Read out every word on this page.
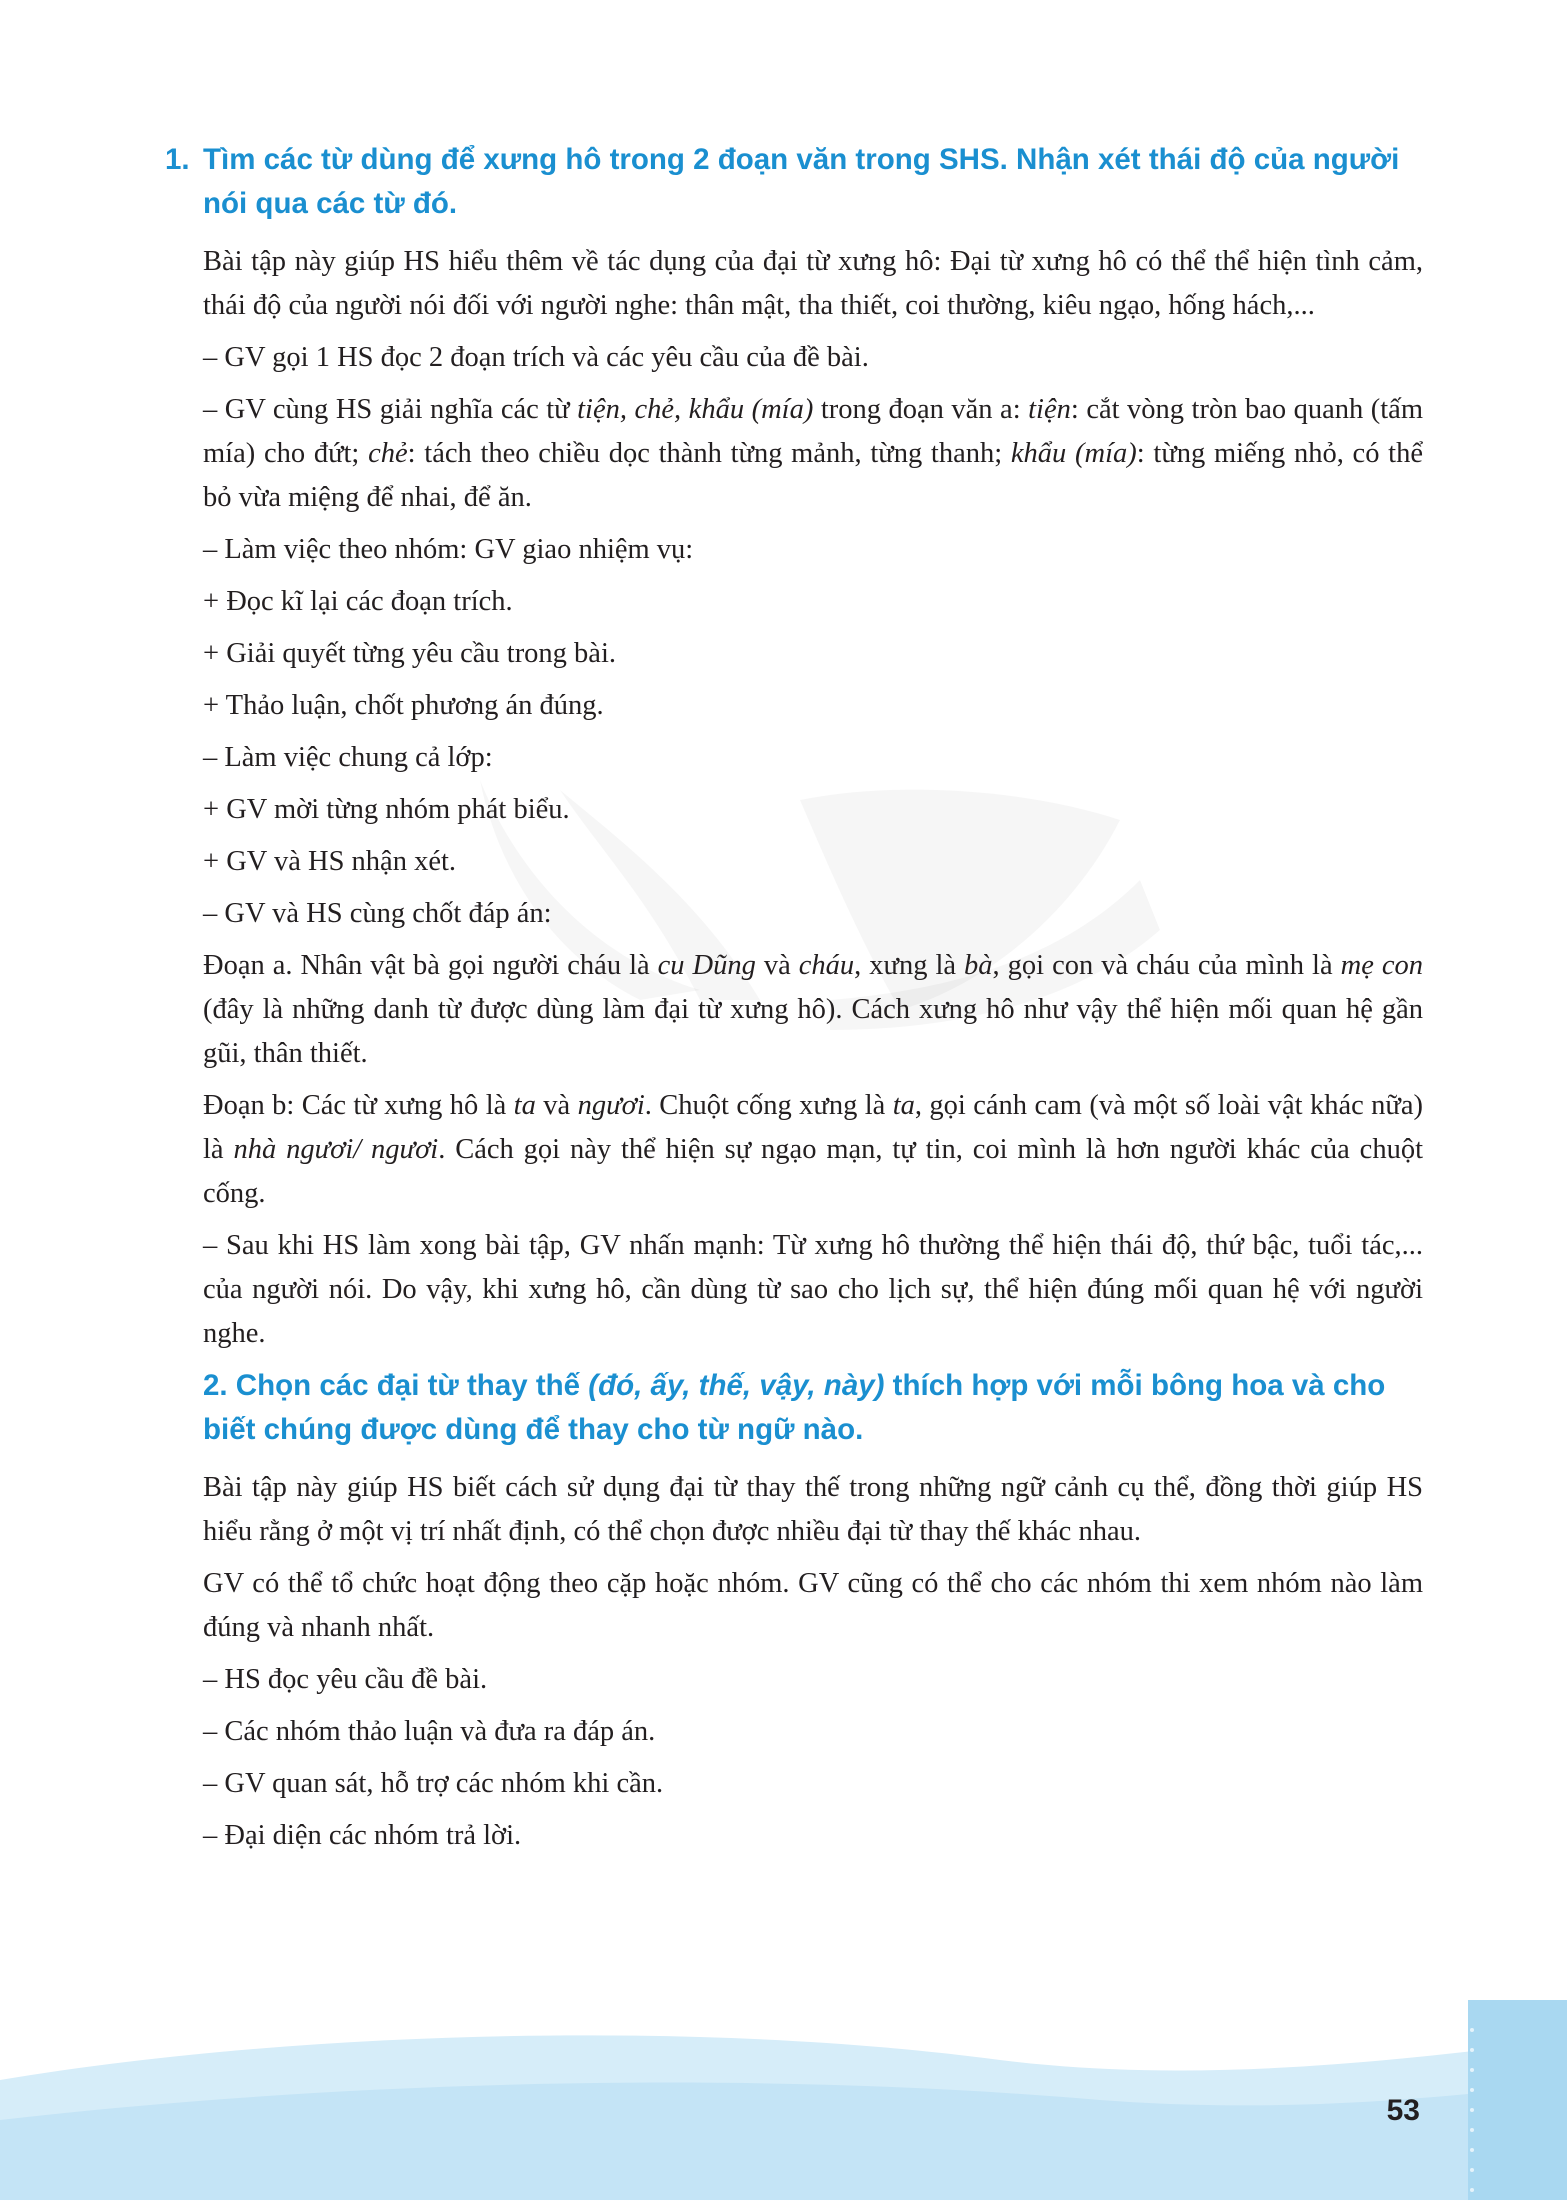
1. Tìm các từ dùng để xưng hô trong 2 đoạn văn trong SHS. Nhận xét thái độ của người nói qua các từ đó.

Bài tập này giúp HS hiểu thêm về tác dụng của đại từ xưng hô: Đại từ xưng hô có thể thể hiện tình cảm, thái độ của người nói đối với người nghe: thân mật, tha thiết, coi thường, kiêu ngạo, hống hách,...

– GV gọi 1 HS đọc 2 đoạn trích và các yêu cầu của đề bài.

– GV cùng HS giải nghĩa các từ tiện, chẻ, khẩu (mía) trong đoạn văn a: tiện: cắt vòng tròn bao quanh (tấm mía) cho đứt; chẻ: tách theo chiều dọc thành từng mảnh, từng thanh; khẩu (mía): từng miếng nhỏ, có thể bỏ vừa miệng để nhai, để ăn.

– Làm việc theo nhóm: GV giao nhiệm vụ:

+ Đọc kĩ lại các đoạn trích.

+ Giải quyết từng yêu cầu trong bài.

+ Thảo luận, chốt phương án đúng.

– Làm việc chung cả lớp:

+ GV mời từng nhóm phát biểu.

+ GV và HS nhận xét.

– GV và HS cùng chốt đáp án:

Đoạn a. Nhân vật bà gọi người cháu là cu Dũng và cháu, xưng là bà, gọi con và cháu của mình là mẹ con (đây là những danh từ được dùng làm đại từ xưng hô). Cách xưng hô như vậy thể hiện mối quan hệ gần gũi, thân thiết.

Đoạn b: Các từ xưng hô là ta và ngươi. Chuột cống xưng là ta, gọi cánh cam (và một số loài vật khác nữa) là nhà ngươi/ ngươi. Cách gọi này thể hiện sự ngạo mạn, tự tin, coi mình là hơn người khác của chuột cống.

– Sau khi HS làm xong bài tập, GV nhấn mạnh: Từ xưng hô thường thể hiện thái độ, thứ bậc, tuổi tác,... của người nói. Do vậy, khi xưng hô, cần dùng từ sao cho lịch sự, thể hiện đúng mối quan hệ với người nghe.

2. Chọn các đại từ thay thế (đó, ấy, thế, vậy, này) thích hợp với mỗi bông hoa và cho biết chúng được dùng để thay cho từ ngữ nào.

Bài tập này giúp HS biết cách sử dụng đại từ thay thế trong những ngữ cảnh cụ thể, đồng thời giúp HS hiểu rằng ở một vị trí nhất định, có thể chọn được nhiều đại từ thay thế khác nhau.

GV có thể tổ chức hoạt động theo cặp hoặc nhóm. GV cũng có thể cho các nhóm thi xem nhóm nào làm đúng và nhanh nhất.

– HS đọc yêu cầu đề bài.

– Các nhóm thảo luận và đưa ra đáp án.

– GV quan sát, hỗ trợ các nhóm khi cần.

– Đại diện các nhóm trả lời.

53
